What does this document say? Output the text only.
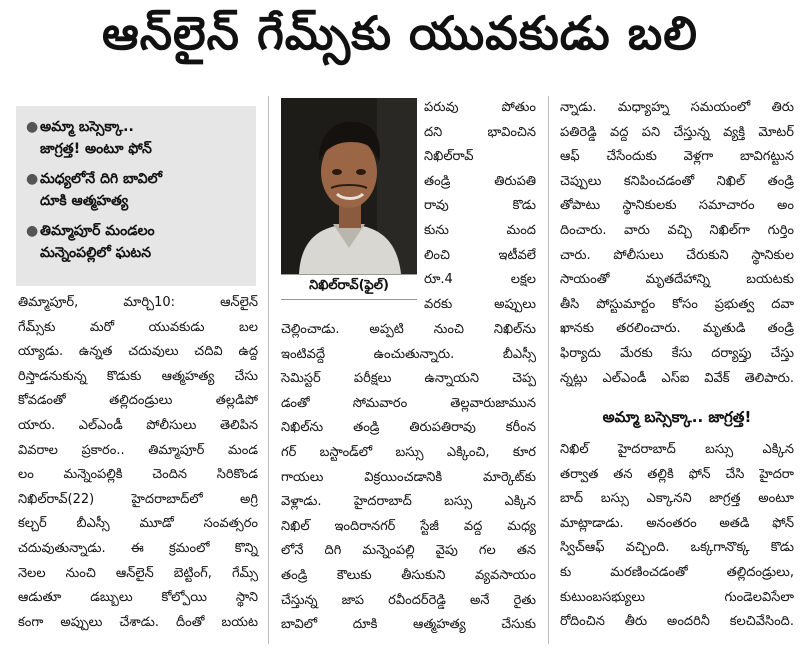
ఆన్‌లైన్ గేమ్స్‌కు యువకుడు బలి
● అమ్మా బస్సెక్కా..
జాగ్రత్త! అంటూ ఫోన్
● మధ్యలోనే దిగి బావిలో
దూకి ఆత్మహత్య
● తిమ్మాపూర్ మండలం
మన్నెంపల్లిలో ఘటన
నిఖిల్‌రావ్(ఫైల్)
తిమ్మాపూర్, మార్చి10: ఆన్‌లైన్
గేమ్స్‌కు మరో యువకుడు బల
య్యాడు. ఉన్నత చదువులు చదివి ఉద్ద
రిస్తాడనుకున్న కొడుకు ఆత్మహత్య చేసు
కోవడంతో తల్లిదండ్రులు తల్లడిపో
యారు. ఎల్ఎండీ పోలీసులు తెలిపిన
వివరాల ప్రకారం.. తిమ్మాపూర్ మండ
లం మన్నెంపల్లికి చెందిన సిరికొండ
నిఖిల్‌రావ్(22) హైదరాబాద్‌లో అగ్రి
కల్చర్ బీఎస్సీ మూడో సంవత్సరం
చదువుతున్నాడు. ఈ క్రమంలో కొన్ని
నెలల నుంచి ఆన్‌లైన్ బెట్టింగ్, గేమ్స్
ఆడుతూ డబ్బులు కోల్పోయి స్థాని
కంగా అప్పులు చేశాడు. దీంతో బయట
పరువు పోతుం
దని భావించిన
నిఖిల్‌రావ్
తండ్రి తిరుపతి
రావు కొడు
కును మంద
లించి ఇటీవలే
రూ.4 లక్షల
వరకు అప్పులు
చెల్లించాడు. అప్పటి నుంచి నిఖిల్‌ను
ఇంటివద్దే ఉంచుతున్నారు. బీఎస్సీ
సెమిస్టర్ పరీక్షలు ఉన్నాయని చెప్ప
డంతో సోమవారం తెల్లవారుజామున
నిఖిల్‌ను తండ్రి తిరుపతిరావు కరీంన
గర్ బస్టాండ్‌లో బస్సు ఎక్కించి, కూర
గాయలు విక్రయించడానికి మార్కెట్‌కు
వెళ్లాడు. హైదరాబాద్ బస్సు ఎక్కిన
నిఖిల్ ఇందిరానగర్ స్టేజీ వద్ద మధ్య
లోనే దిగి మన్నెంపల్లి వైపు గల తన
తండ్రి కౌలుకు తీసుకుని వ్యవసాయం
చేస్తున్న జాప రవీందర్‌రెడ్డి అనే రైతు
బావిలో దూకి ఆత్మహత్య చేసుకు
న్నాడు. మధ్యాహ్న సమయంలో తిరు
పతిరెడ్డి వద్ద పని చేస్తున్న వ్యక్తి మోటర్
ఆఫ్ చేసేందుకు వెళ్లగా బావిగట్టున
చెప్పులు కనిపించడంతో నిఖిల్ తండ్రి
తోపాటు స్థానికులకు సమాచారం అం
దించారు. వారు వచ్చి నిఖిల్‌గా గుర్తిం
చారు. పోలీసులు చేరుకుని స్థానికుల
సాయంతో మృతదేహాన్ని బయటకు
తీసి పోస్టుమార్టం కోసం ప్రభుత్వ దవా
ఖానకు తరలించారు. మృతుడి తండ్రి
ఫిర్యాదు మేరకు కేసు దర్యాప్తు చేస్తు
న్నట్లు ఎల్ఎండీ ఎస్ఐ వివేక్ తెలిపారు.
అమ్మా బస్సెక్కా.. జాగ్రత్త!
నిఖిల్ హైదరాబాద్ బస్సు ఎక్కిన
తర్వాత తన తల్లికి ఫోన్ చేసి హైదరా
బాద్ బస్సు ఎక్కానని జాగ్రత్త అంటూ
మాట్లాడాడు. అనంతరం అతడి ఫోన్
స్విచ్‌ఆఫ్ వచ్చింది. ఒక్కగానొక్క కొడు
కు మరణించడంతో తల్లిదండ్రులు,
కుటుంబసభ్యులు గుండెలవిసేలా
రోదించిన తీరు అందరినీ కలచివేసింది.
